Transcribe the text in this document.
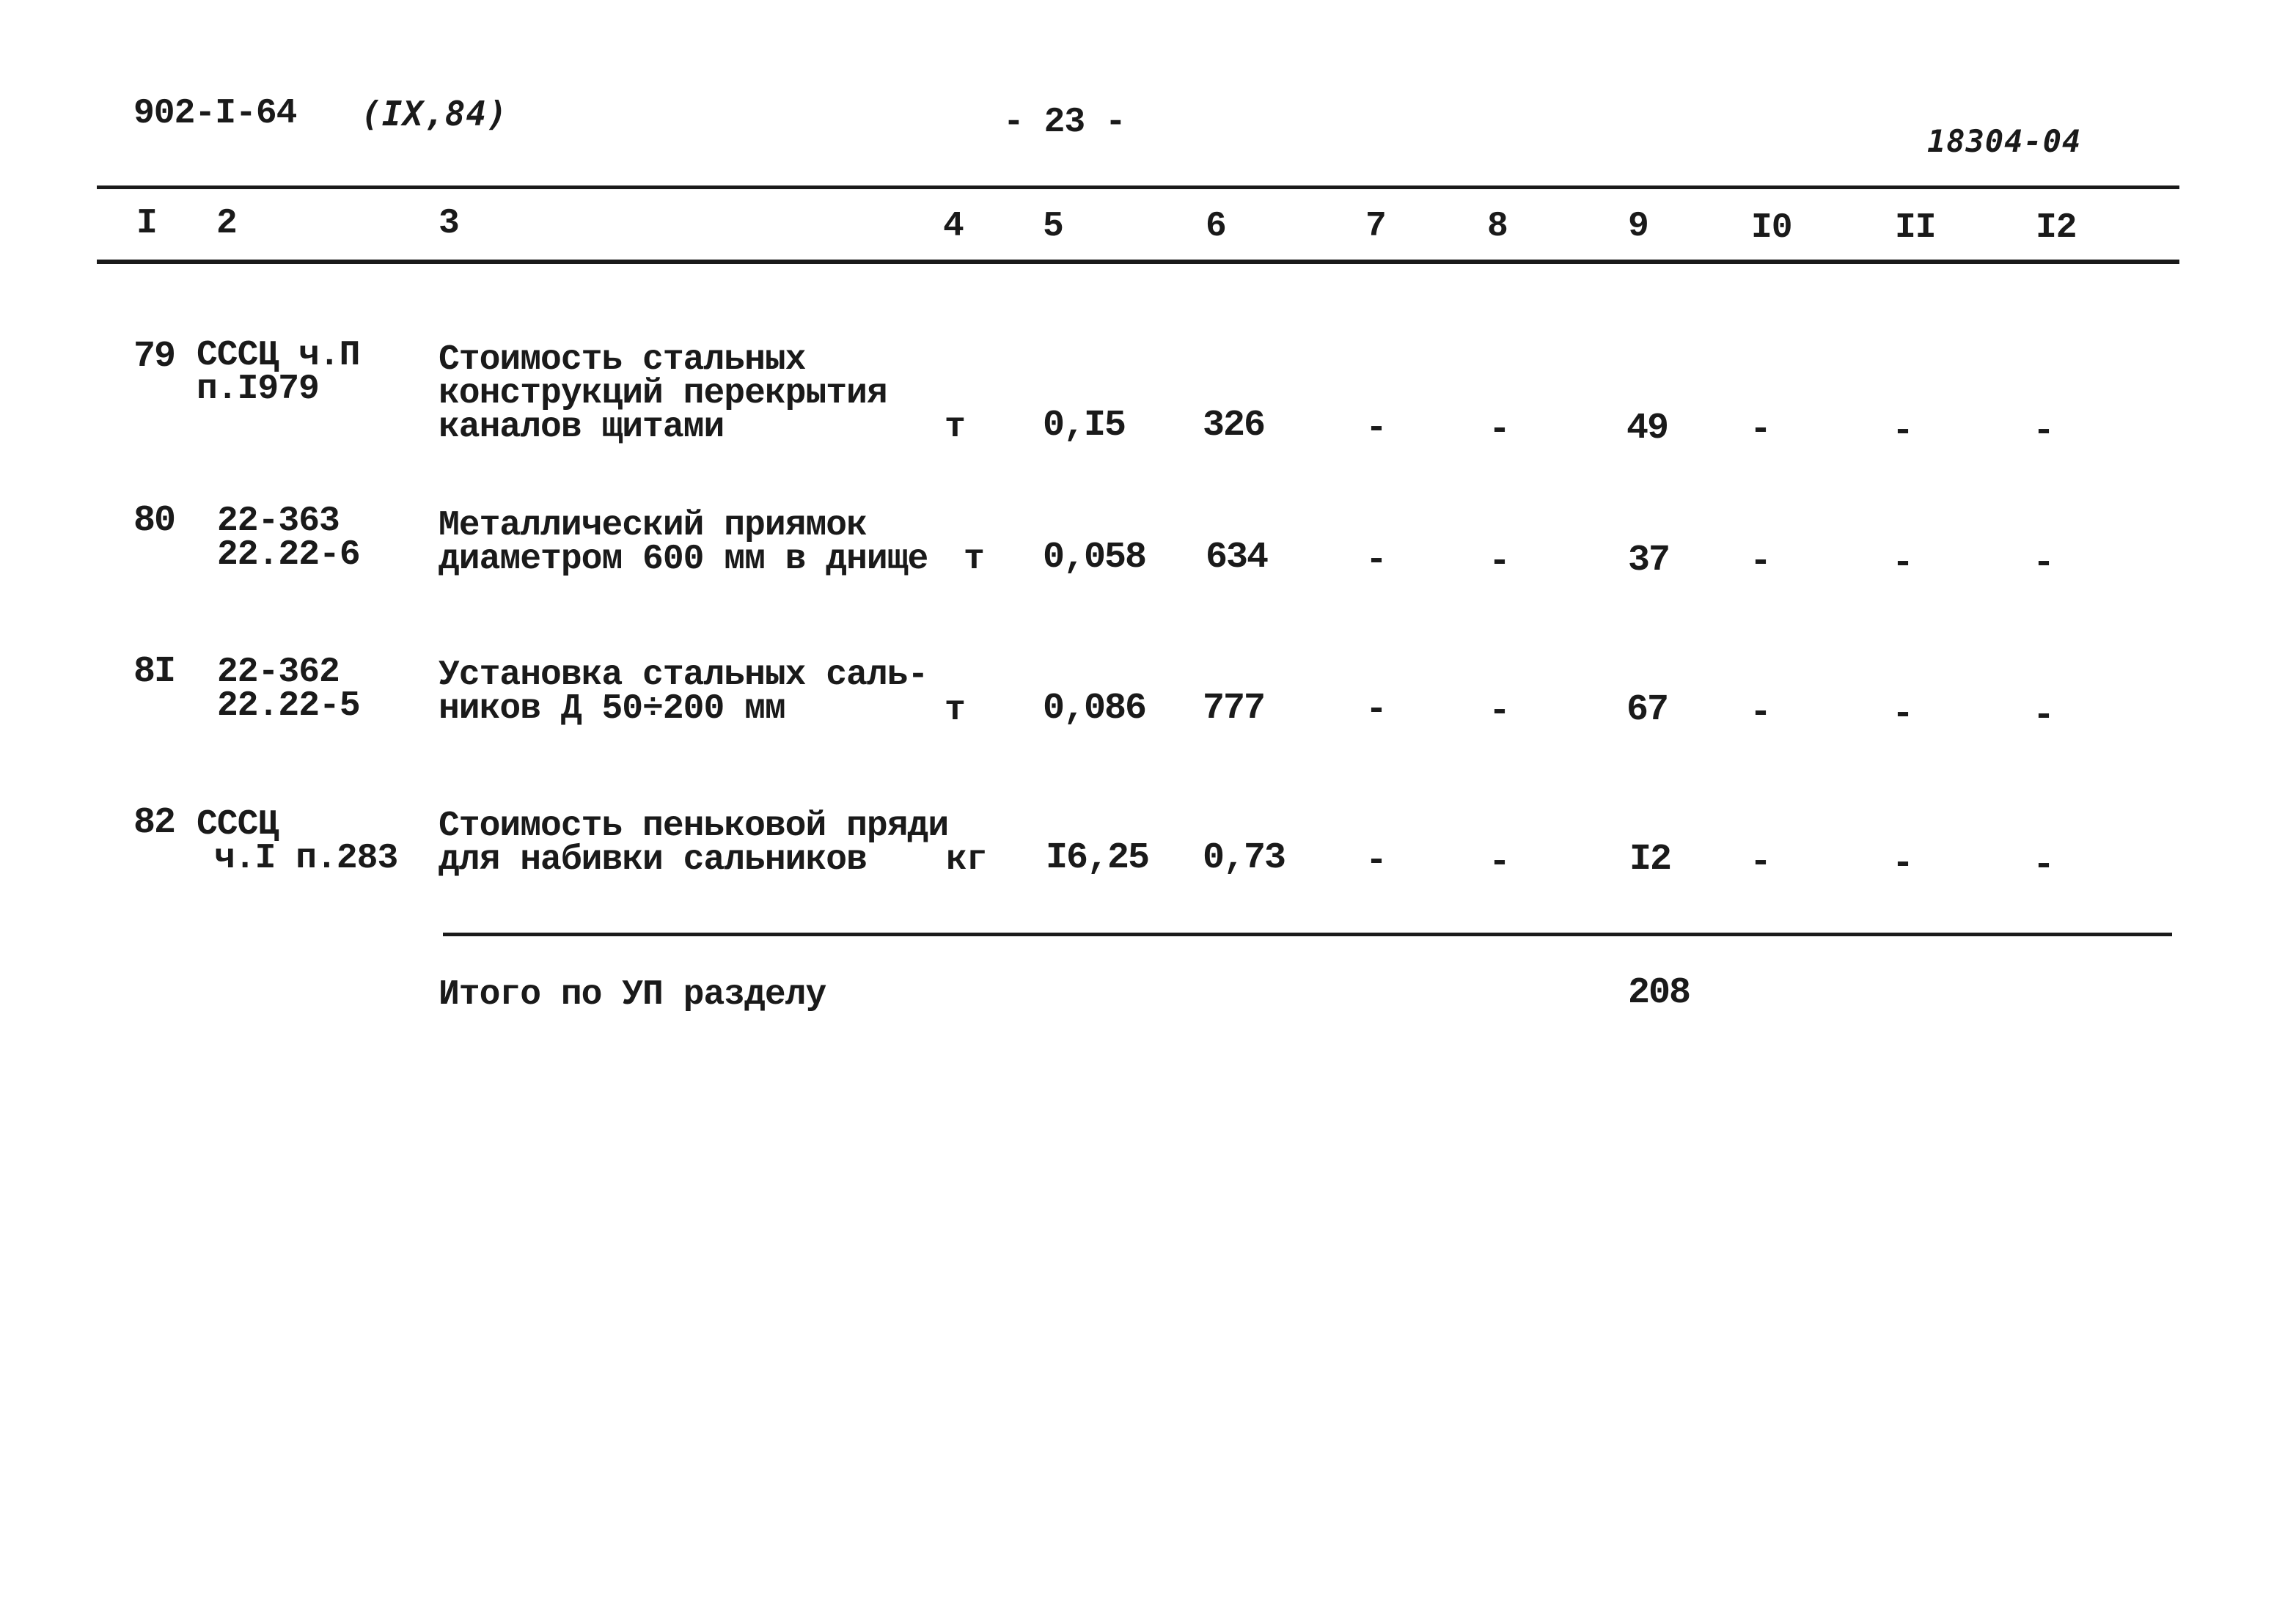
902-I-64 (IX,84)	- 23 -	18304-04
I 2	3	4 5	6	7	8	9	I0	II	I2
79 СССЦ ч.П
п.I979
Стоимость стальных
конструкций перекрытия
каналов щитами	т 0,I5 326	-	-	49 -	-	-
80 22-363
22.22-6
Металлический приямок
диаметром 600 мм в днище т 0,058 634	-	-	37 -	-	-
8I 22-362
22.22-5
Установка стальных саль-
ников Д 50÷200 мм	т 0,086 777	-	-	67 -	-	-
82 СССЦ
ч.I п.283
Стоимость пеньковой пряди
для набивки сальников	кг I6,25 0,73 -	-	I2 -	-	-
Итого по УП разделу	208
